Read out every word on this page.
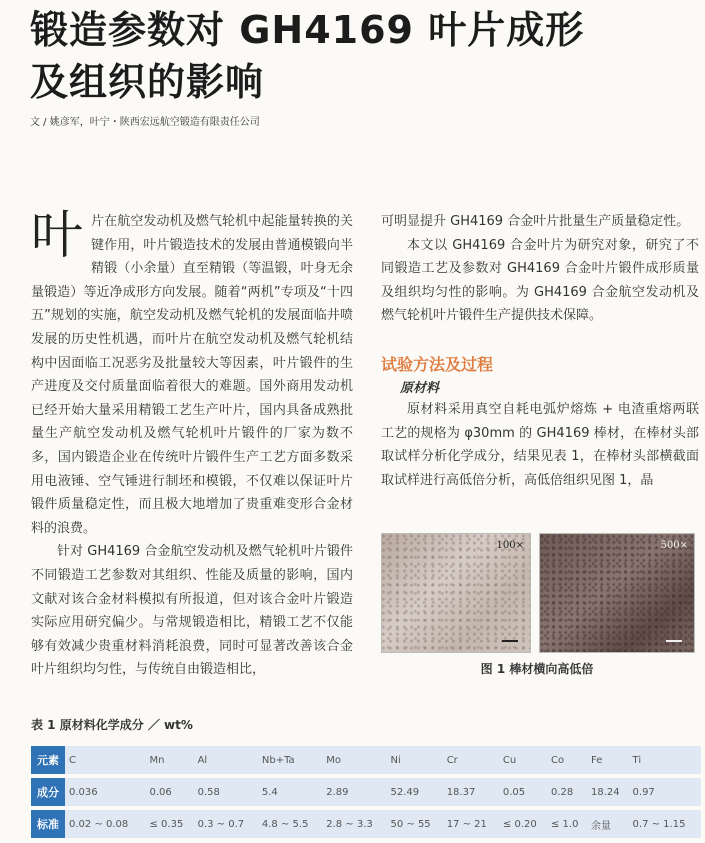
锻造参数对 GH4169 叶片成形
及组织的影响
文 / 姚彦军，叶宁・陕西宏远航空锻造有限责任公司

叶 片在航空发动机及燃气轮机中起能量转换的关键作用，叶片锻造技术的发展由普通模锻向半精锻（小余量）直至精锻（等温锻，叶身无余量锻造）等近净成形方向发展。随着“两机”专项及“十四五”规划的实施，航空发动机及燃气轮机的发展面临井喷发展的历史性机遇，而叶片在航空发动机及燃气轮机结构中因面临工况恶劣及批量较大等因素，叶片锻件的生产进度及交付质量面临着很大的难题。国外商用发动机已经开始大量采用精锻工艺生产叶片，国内具备成熟批量生产航空发动机及燃气轮机叶片锻件的厂家为数不多，国内锻造企业在传统叶片锻件生产工艺方面多数采用电液锤、空气锤进行制坯和模锻，不仅难以保证叶片锻件质量稳定性，而且极大地增加了贵重难变形合金材料的浪费。

针对 GH4169 合金航空发动机及燃气轮机叶片锻件不同锻造工艺参数对其组织、性能及质量的影响，国内文献对该合金材料模拟有所报道，但对该合金叶片锻造实际应用研究偏少。与常规锻造相比，精锻工艺不仅能够有效减少贵重材料消耗浪费，同时可显著改善该合金叶片组织均匀性，与传统自由锻造相比，

可明显提升 GH4169 合金叶片批量生产质量稳定性。

本文以 GH4169 合金叶片为研究对象，研究了不同锻造工艺及参数对 GH4169 合金叶片锻件成形质量及组织均匀性的影响。为 GH4169 合金航空发动机及燃气轮机叶片锻件生产提供技术保障。

试验方法及过程
原材料

原材料采用真空自耗电弧炉熔炼 + 电渣重熔两联工艺的规格为 φ30mm 的 GH4169 棒材，在棒材头部取试样分析化学成分，结果见表 1，在棒材头部横截面取试样进行高低倍分析，高低倍组织见图 1，晶

100×	500×
图 1 棒材横向高低倍
表 1 原材料化学成分 ／ wt%
元素	C	Mn	Al	Nb+Ta	Mo	Ni	Cr	Cu	Co	Fe	Ti
成分	0.036	0.06	0.58	5.4	2.89	52.49	18.37	0.05	0.28	18.24	0.97
标准	0.02 ~ 0.08	≤ 0.35	0.3 ~ 0.7	4.8 ~ 5.5	2.8 ~ 3.3	50 ~ 55	17 ~ 21	≤ 0.20	≤ 1.0	余量	0.7 ~ 1.15
